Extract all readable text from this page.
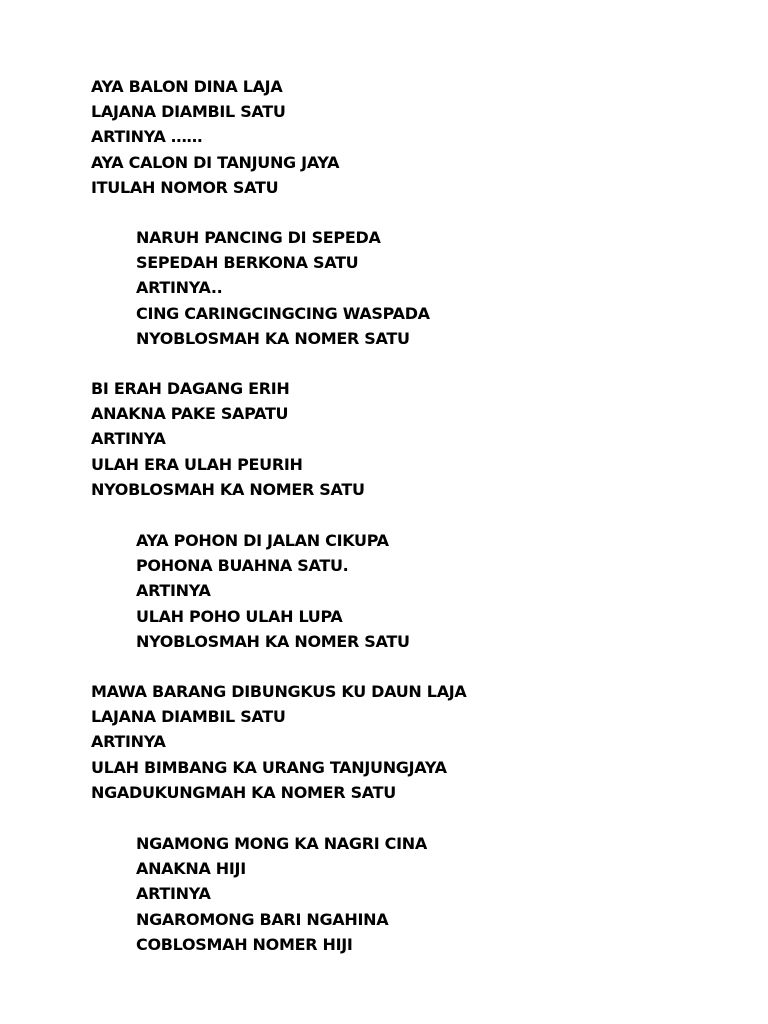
AYA BALON DINA LAJA
LAJANA DIAMBIL SATU
ARTINYA ……
AYA CALON DI TANJUNG JAYA
ITULAH NOMOR SATU
NARUH PANCING DI SEPEDA
SEPEDAH BERKONA SATU
ARTINYA..
CING CARINGCINGCING WASPADA
NYOBLOSMAH KA NOMER SATU
BI ERAH DAGANG ERIH
ANAKNA PAKE SAPATU
ARTINYA
ULAH ERA ULAH PEURIH
NYOBLOSMAH KA NOMER SATU
AYA POHON DI JALAN CIKUPA
POHONA BUAHNA SATU.
ARTINYA
ULAH POHO ULAH LUPA
NYOBLOSMAH KA NOMER SATU
MAWA BARANG DIBUNGKUS KU DAUN LAJA
LAJANA DIAMBIL SATU
ARTINYA
ULAH BIMBANG KA URANG TANJUNGJAYA
NGADUKUNGMAH KA NOMER SATU
NGAMONG MONG KA NAGRI CINA
ANAKNA HIJI
ARTINYA
NGAROMONG BARI NGAHINA
COBLOSMAH NOMER HIJI
